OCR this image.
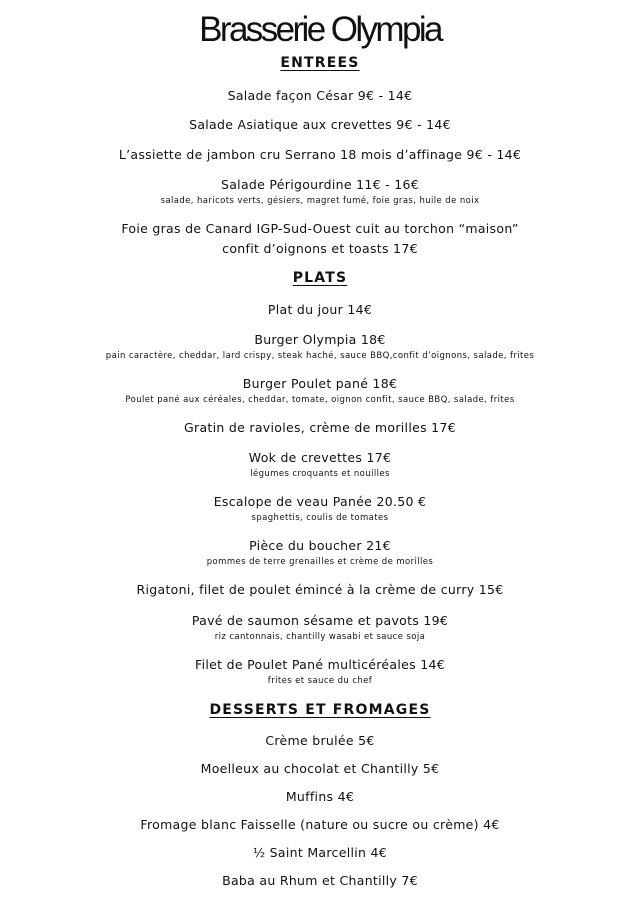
Brasserie Olympia
ENTREES
Salade façon César 9€ - 14€
Salade Asiatique aux crevettes 9€ - 14€
L’assiette de jambon cru Serrano 18 mois d’affinage 9€ - 14€
Salade Périgourdine 11€ - 16€
salade, haricots verts, gésiers, magret fumé, foie gras, huile de noix
Foie gras de Canard IGP-Sud-Ouest cuit au torchon “maison”
confit d’oignons et toasts 17€
PLATS
Plat du jour 14€
Burger Olympia 18€
pain caractère, cheddar, lard crispy, steak haché, sauce BBQ,confit d’oignons, salade, frites
Burger Poulet pané 18€
Poulet pané aux céréales, cheddar, tomate, oignon confit, sauce BBQ, salade, frites
Gratin de ravioles, crème de morilles 17€
Wok de crevettes 17€
légumes croquants et nouilles
Escalope de veau Panée 20.50 €
spaghettis, coulis de tomates
Pièce du boucher 21€
pommes de terre grenailles et crème de morilles
Rigatoni, filet de poulet émincé à la crème de curry 15€
Pavé de saumon sésame et pavots 19€
riz cantonnais, chantilly wasabi et sauce soja
Filet de Poulet Pané multicéréales 14€
frites et sauce du chef
DESSERTS ET FROMAGES
Crème brulée 5€
Moelleux au chocolat et Chantilly 5€
Muffins 4€
Fromage blanc Faisselle (nature ou sucre ou crème) 4€
½ Saint Marcellin 4€
Baba au Rhum et Chantilly 7€
